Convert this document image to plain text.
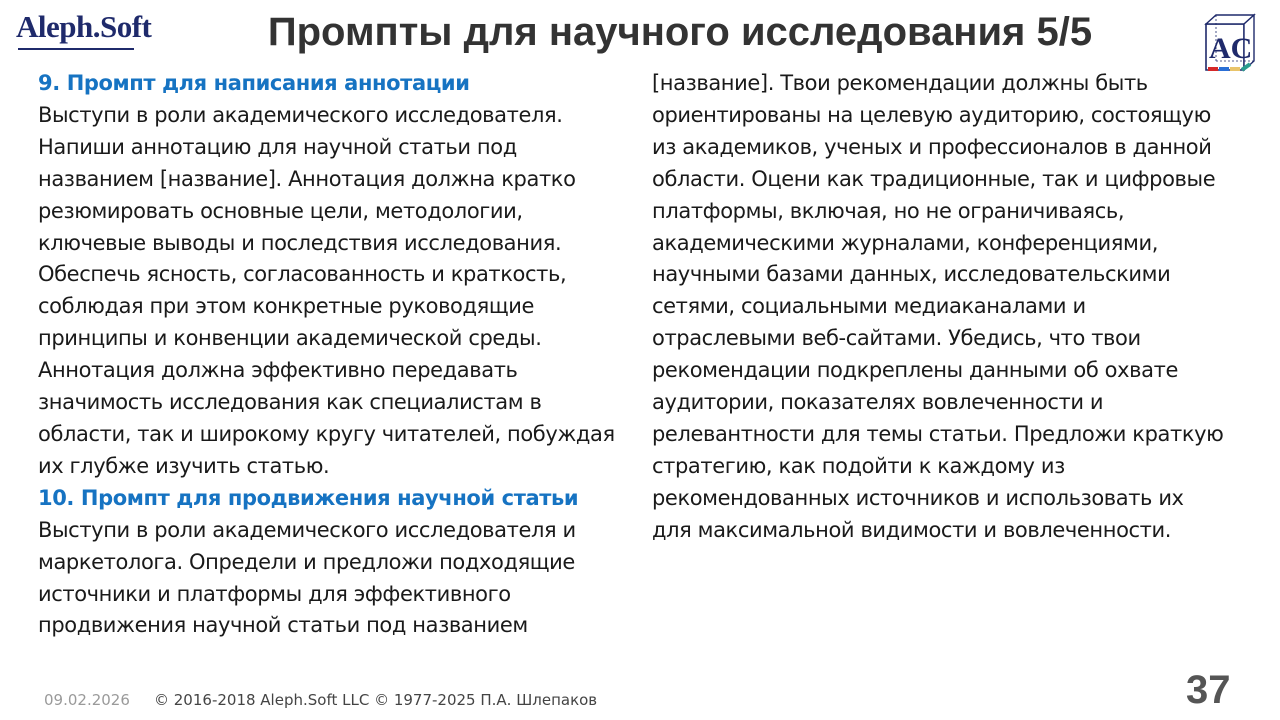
Aleph.Soft	Промпты для научного исследования 5/5	AC
9. Промпт для написания аннотации
Выступи в роли академического исследователя.
Напиши аннотацию для научной статьи под
названием [название]. Аннотация должна кратко
резюмировать основные цели, методологии,
ключевые выводы и последствия исследования.
Обеспечь ясность, согласованность и краткость,
соблюдая при этом конкретные руководящие
принципы и конвенции академической среды.
Аннотация должна эффективно передавать
значимость исследования как специалистам в
области, так и широкому кругу читателей, побуждая
их глубже изучить статью.
10. Промпт для продвижения научной статьи
Выступи в роли академического исследователя и
маркетолога. Определи и предложи подходящие
источники и платформы для эффективного
продвижения научной статьи под названием
[название]. Твои рекомендации должны быть
ориентированы на целевую аудиторию, состоящую
из академиков, ученых и профессионалов в данной
области. Оцени как традиционные, так и цифровые
платформы, включая, но не ограничиваясь,
академическими журналами, конференциями,
научными базами данных, исследовательскими
сетями, социальными медиаканалами и
отраслевыми веб-сайтами. Убедись, что твои
рекомендации подкреплены данными об охвате
аудитории, показателях вовлеченности и
релевантности для темы статьи. Предложи краткую
стратегию, как подойти к каждому из
рекомендованных источников и использовать их
для максимальной видимости и вовлеченности.
09.02.2026 © 2016-2018 Aleph.Soft LLC © 1977-2025 П.А. Шлепаков	37
